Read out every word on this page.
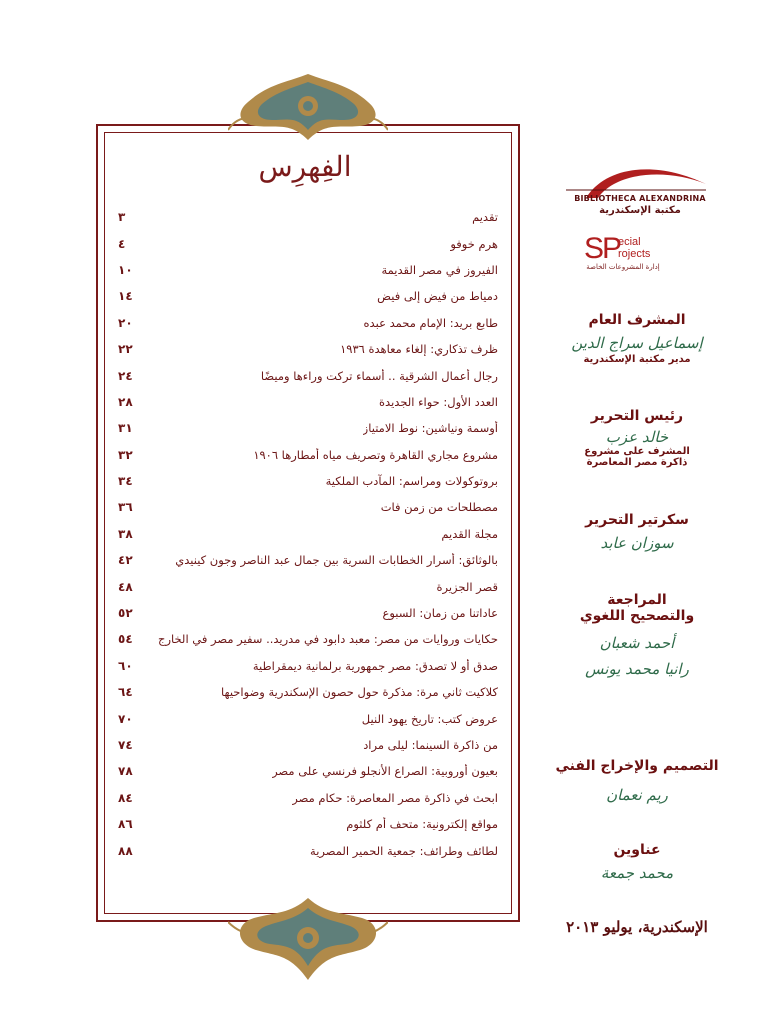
الفِهرِس
تقديم
٣
هرم خوفو
٤
الفيروز في مصر القديمة
١٠
دمياط من فيض إلى فيض
١٤
طابع بريد: الإمام محمد عبده
٢٠
ظرف تذكاري: إلغاء معاهدة ١٩٣٦
٢٢
رجال أعمال الشرقية .. أسماء تركت وراءها وميضًا
٢٤
العدد الأول: حواء الجديدة
٢٨
أوسمة ونياشين: نوط الامتياز
٣١
مشروع مجاري القاهرة وتصريف مياه أمطارها ١٩٠٦
٣٢
بروتوكولات ومراسم: المآدب الملكية
٣٤
مصطلحات من زمن فات
٣٦
مجلة القديم
٣٨
بالوثائق: أسرار الخطابات السرية بين جمال عبد الناصر وجون كينيدي
٤٢
قصر الجزيرة
٤٨
عاداتنا من زمان: السبوع
٥٢
حكايات وروايات من مصر: معبد دابود في مدريد.. سفير مصر في الخارج
٥٤
صدق أو لا تصدق: مصر جمهورية برلمانية ديمقراطية
٦٠
كلاكيت ثاني مرة: مذكرة حول حصون الإسكندرية وضواحيها
٦٤
عروض كتب: تاريخ يهود النيل
٧٠
من ذاكرة السينما: ليلى مراد
٧٤
بعيون أوروبية: الصراع الأنجلو فرنسي على مصر
٧٨
ابحث في ذاكرة مصر المعاصرة: حكام مصر
٨٤
مواقع إلكترونية: متحف أم كلثوم
٨٦
لطائف وطرائف: جمعية الحمير المصرية
٨٨
BIBLIOTHECA ALEXANDRINA
مكتبة الإسكندرية
SP
ecial
rojects
إدارة المشروعات الخاصة
المشرف العام
إسماعيل سراج الدين
مدير مكتبة الإسكندرية
رئيس التحرير
خالد عزب
المشرف على مشروع
ذاكرة مصر المعاصرة
سكرتير التحرير
سوزان عابد
المراجعة
والتصحيح اللغوي
أحمد شعبان
رانيا محمد يونس
التصميم والإخراج الفني
ريم نعمان
عناوين
محمد جمعة
الإسكندرية، يوليو ٢٠١٣
